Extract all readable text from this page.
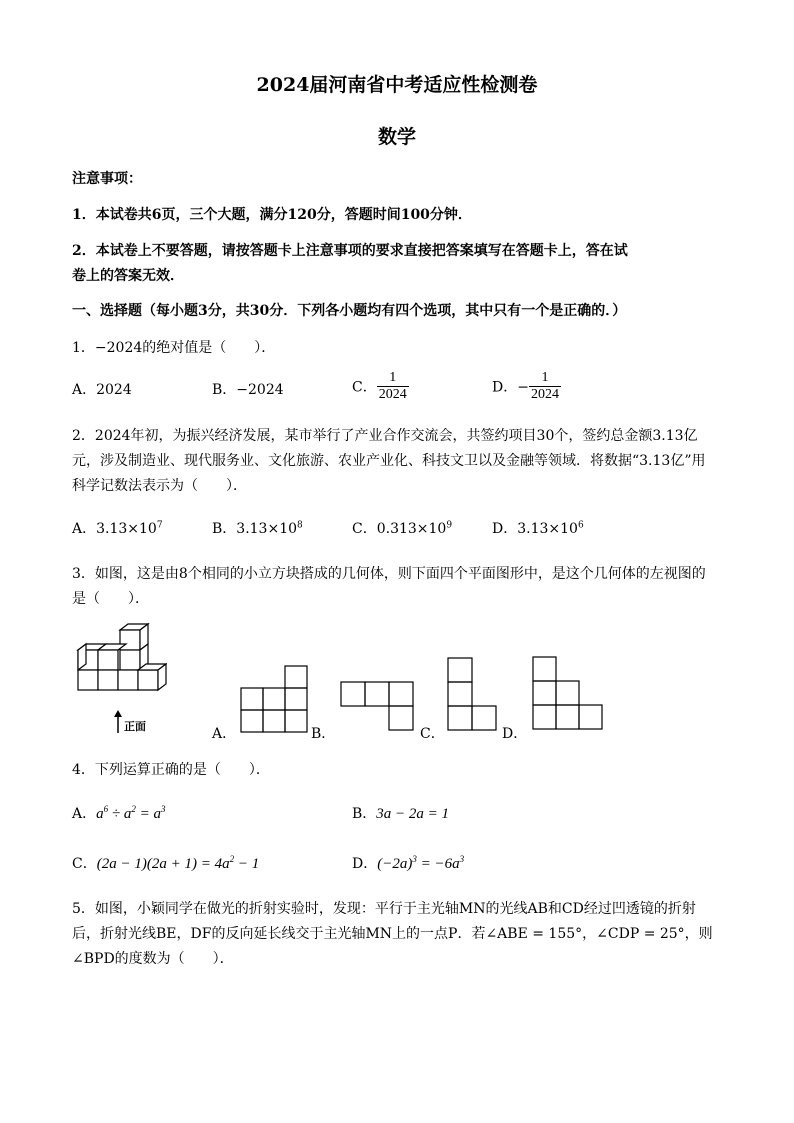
2024届河南省中考适应性检测卷
数学
注意事项：
1．本试卷共6页，三个大题，满分120分，答题时间100分钟．
2．本试卷上不要答题，请按答题卡上注意事项的要求直接把答案填写在答题卡上，答在试
卷上的答案无效．
一、选择题（每小题3分，共30分．下列各小题均有四个选项，其中只有一个是正确的．）
1．−2024的绝对值是（　　）．
A．2024	B．−2024	C． $\frac{1}{2024}$	D．− $\frac{1}{2024}$
2．2024年初，为振兴经济发展，某市举行了产业合作交流会，共签约项目30个，签约总金额3.13亿
元，涉及制造业、现代服务业、文化旅游、农业产业化、科技文卫以及金融等领域．将数据“3.13亿”用
科学记数法表示为（　　）．
A．$3.13\times 10^7$	B．$3.13\times 10^8$	C．$0.313\times 10^9$	D．$3.13\times 10^6$
3．如图，这是由8个相同的小立方块搭成的几何体，则下面四个平面图形中，是这个几何体的左视图的
是（　　）．
正面	A．	B．	C．	D．
4．下列运算正确的是（　　）．
A．$a^6 \div a^2 = a^3$	B．3a − 2a = 1
C．$(2a - 1)(2a + 1) = 4a^2 - 1$	D．$(-2a)^3 = -6a^3$
5．如图，小颖同学在做光的折射实验时，发现：平行于主光轴MN的光线AB和CD经过凹透镜的折射
后，折射光线BE，DF的反向延长线交于主光轴MN上的一点P．若∠ABE = 155°，∠CDP = 25°，则
∠BPD的度数为（　　）．
